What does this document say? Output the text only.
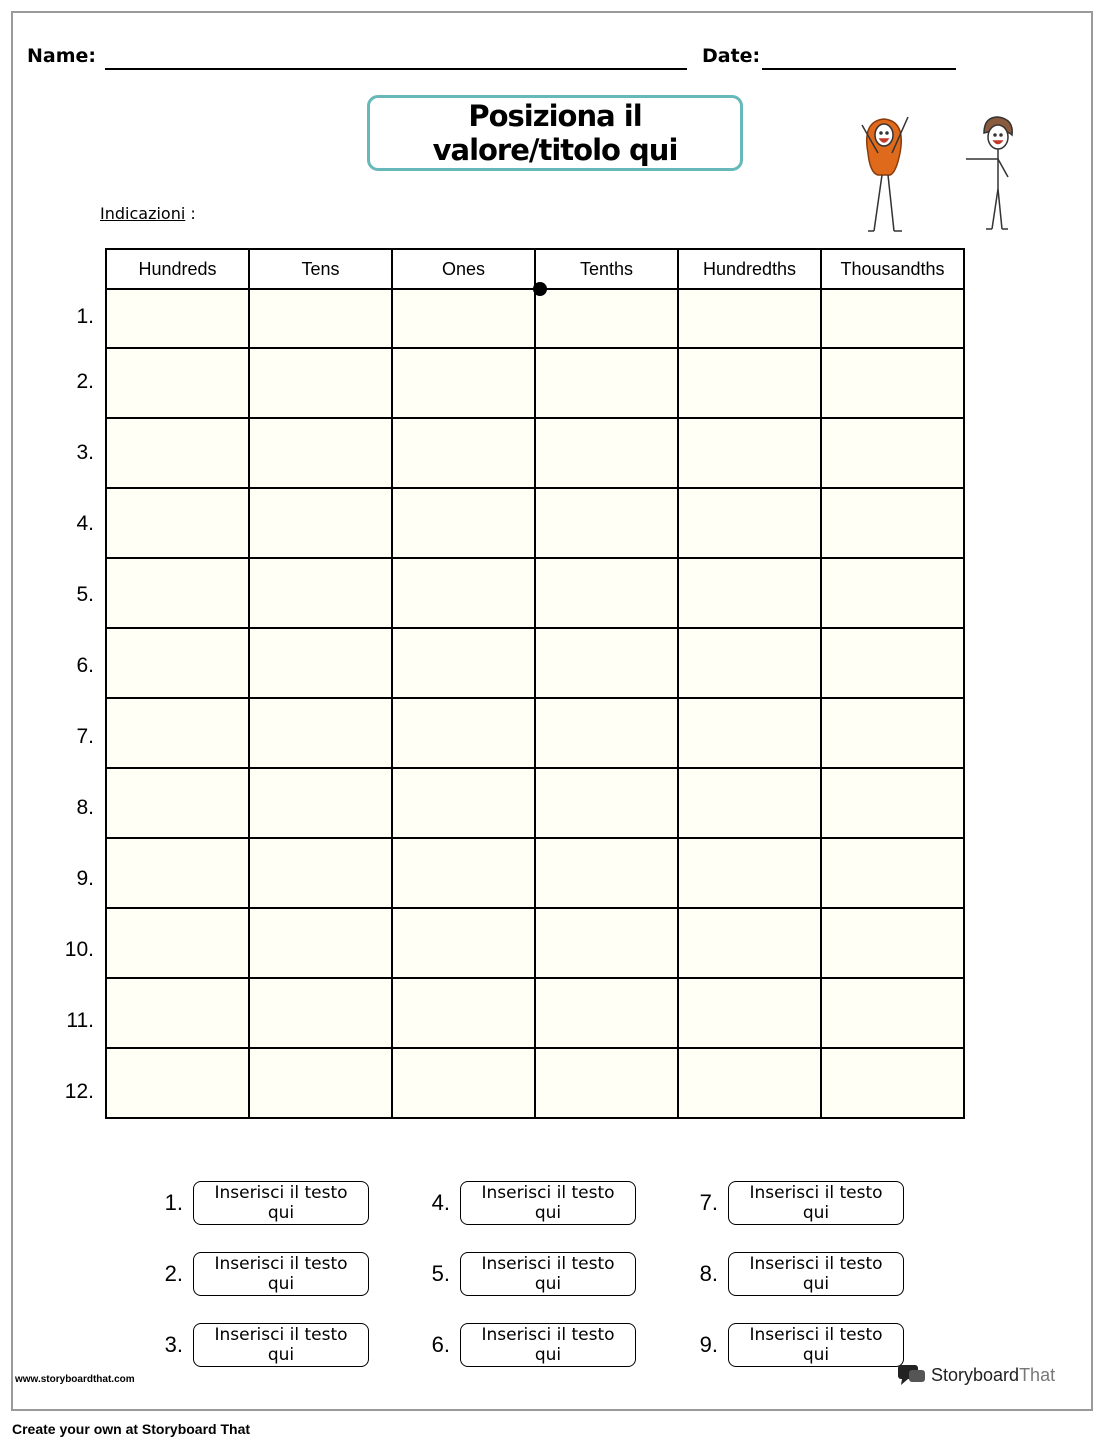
Name:	Date:
Posiziona il
valore/titolo qui
Indicazioni :
Hundreds	Tens	Ones	Tenths	Hundredths	Thousandths

1.
2.
3.
4.
5.
6.
7.
8.
9.
10.
11.
12.
1.	Inserisci il testo
qui
2.	Inserisci il testo
qui
3.	Inserisci il testo
qui
4.	Inserisci il testo
qui
5.	Inserisci il testo
qui
6.	Inserisci il testo
qui
7.	Inserisci il testo
qui
8.	Inserisci il testo
qui
9.	Inserisci il testo
qui
www.storyboardthat.com	StoryboardThat
Create your own at Storyboard That
